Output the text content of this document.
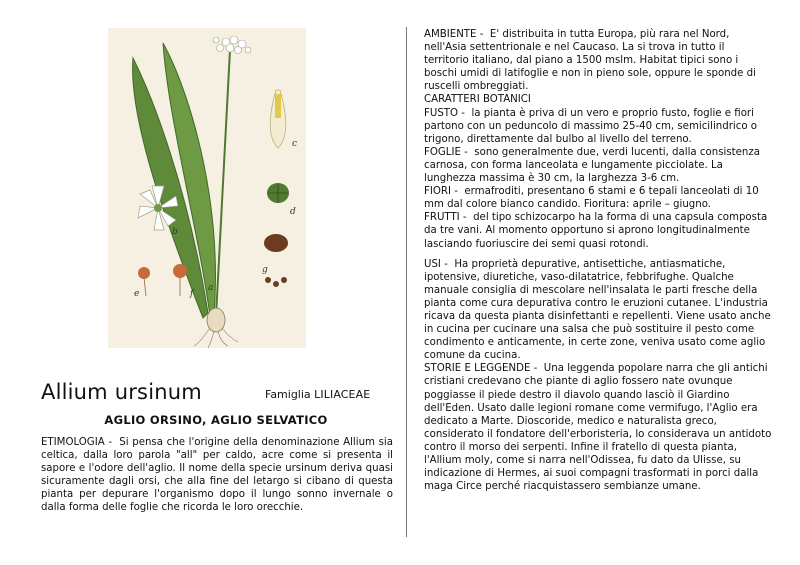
a
b
c
d
e	f
g
Allium ursinum	Famiglia LILIACEAE
AGLIO ORSINO, AGLIO SELVATICO
ETIMOLOGIA -  Si pensa che l'origine della denominazione Allium sia celtica, dalla loro parola "all" per caldo, acre come si presenta il sapore e l'odore dell'aglio. Il nome della specie ursinum deriva quasi sicuramente dagli orsi, che alla fine del letargo si cibano di questa pianta per depurare l'organismo dopo il lungo sonno invernale o dalla forma delle foglie che ricorda le loro orecchie.

AMBIENTE -  E' distribuita in tutta Europa, più rara nel Nord, nell'Asia settentrionale e nel Caucaso. La si trova in tutto il territorio italiano, dal piano a 1500 mslm. Habitat tipici sono i boschi umidi di latifoglie e non in pieno sole, oppure le sponde di ruscelli ombreggiati.

CARATTERI BOTANICI

FUSTO -  la pianta è priva di un vero e proprio fusto, foglie e fiori partono con un peduncolo di massimo 25-40 cm, semicilindrico o trigono, direttamente dal bulbo al livello del terreno.

FOGLIE -  sono generalmente due, verdi lucenti, dalla consistenza carnosa, con forma lanceolata e lungamente picciolate. La lunghezza massima è 30 cm, la larghezza 3-6 cm.

FIORI -  ermafroditi, presentano 6 stami e 6 tepali lanceolati di 10 mm dal colore bianco candido. Fioritura: aprile – giugno.

FRUTTI -  del tipo schizocarpo ha la forma di una capsula composta da tre vani. Al momento opportuno si aprono longitudinalmente lasciando fuoriuscire dei semi quasi rotondi.

USI -  Ha proprietà depurative, antisettiche, antiasmatiche, ipotensive, diuretiche, vaso-dilatatrice, febbrifughe. Qualche manuale consiglia di mescolare nell'insalata le parti fresche della pianta come cura depurativa contro le eruzioni cutanee. L'industria ricava da questa pianta disinfettanti e repellenti. Viene usato anche in cucina per cucinare una salsa che può sostituire il pesto come condimento e anticamente, in certe zone, veniva usato come aglio comune da cucina.

STORIE E LEGGENDE -  Una leggenda popolare narra che gli antichi cristiani credevano che piante di aglio fossero nate ovunque poggiasse il piede destro il diavolo quando lasciò il Giardino dell'Eden. Usato dalle legioni romane come vermifugo, l'Aglio era dedicato a Marte. Dioscoride, medico e naturalista greco, considerato il fondatore dell'erboristeria, lo considerava un antidoto contro il morso dei serpenti. Infine il fratello di questa pianta, l'Allium moly, come si narra nell'Odissea, fu dato da Ulisse, su indicazione di Hermes, ai suoi compagni trasformati in porci dalla maga Circe perché riacquistassero sembianze umane.
